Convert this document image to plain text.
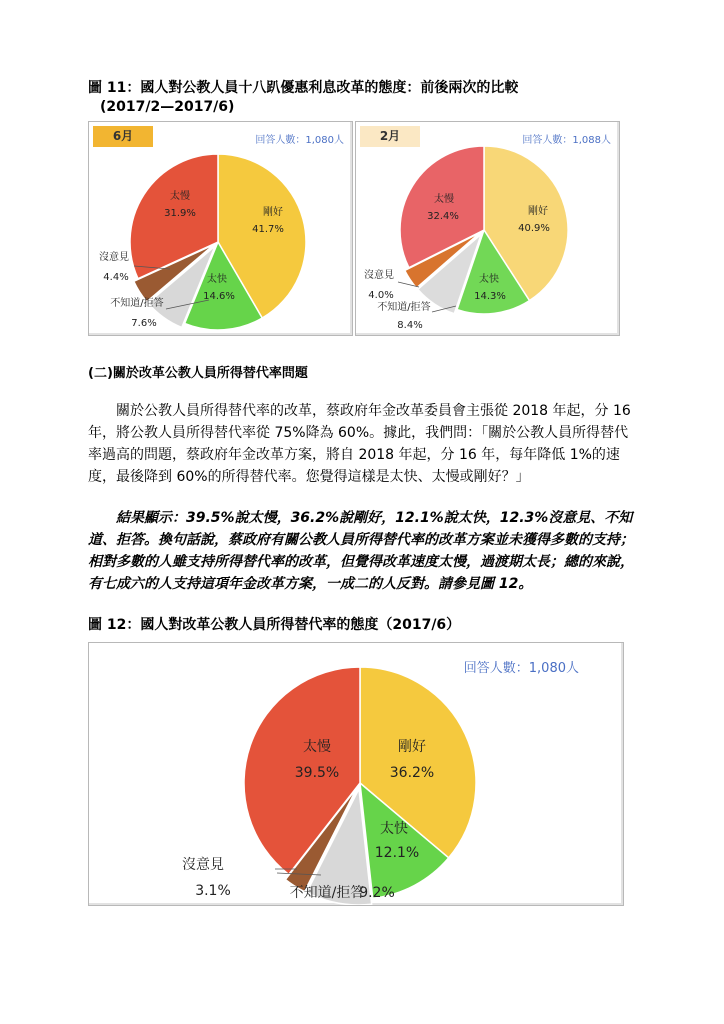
圖 11：國人對公教人員十八趴優惠利息改革的態度：前後兩次的比較
(2017/2—2017/6)
6月	回答人數：1,080人
剛好
41.7%
太快
14.6%
不知道/拒答
7.6%
沒意見
4.4%
太慢
31.9%
2月	回答人數：1,088人
剛好
40.9%
太快
14.3%
不知道/拒答
8.4%
沒意見
4.0%
太慢
32.4%
(二)關於改革公教人員所得替代率問題

關於公教人員所得替代率的改革，蔡政府年金改革委員會主張從 2018 年起，分 16 年，將公教人員所得替代率從 75%降為 60%。據此，我們問：「關於公教人員所得替代率過高的問題，蔡政府年金改革方案，將自 2018 年起，分 16 年，每年降低 1%的速度，最後降到 60%的所得替代率。您覺得這樣是太快、太慢或剛好？」

結果顯示：39.5%說太慢，36.2%說剛好，12.1%說太快，12.3%沒意見、不知道、拒答。換句話說，蔡政府有關公教人員所得替代率的改革方案並未獲得多數的支持；相對多數的人雖支持所得替代率的改革，但覺得改革速度太慢，過渡期太長；總的來說，有七成六的人支持這項年金改革方案，一成二的人反對。請參見圖 12。

圖 12：國人對改革公教人員所得替代率的態度（2017/6）
回答人數：1,080人
剛好
36.2%
太快
12.1%
不知道/拒答
9.2%
沒意見
3.1%
太慢
39.5%
